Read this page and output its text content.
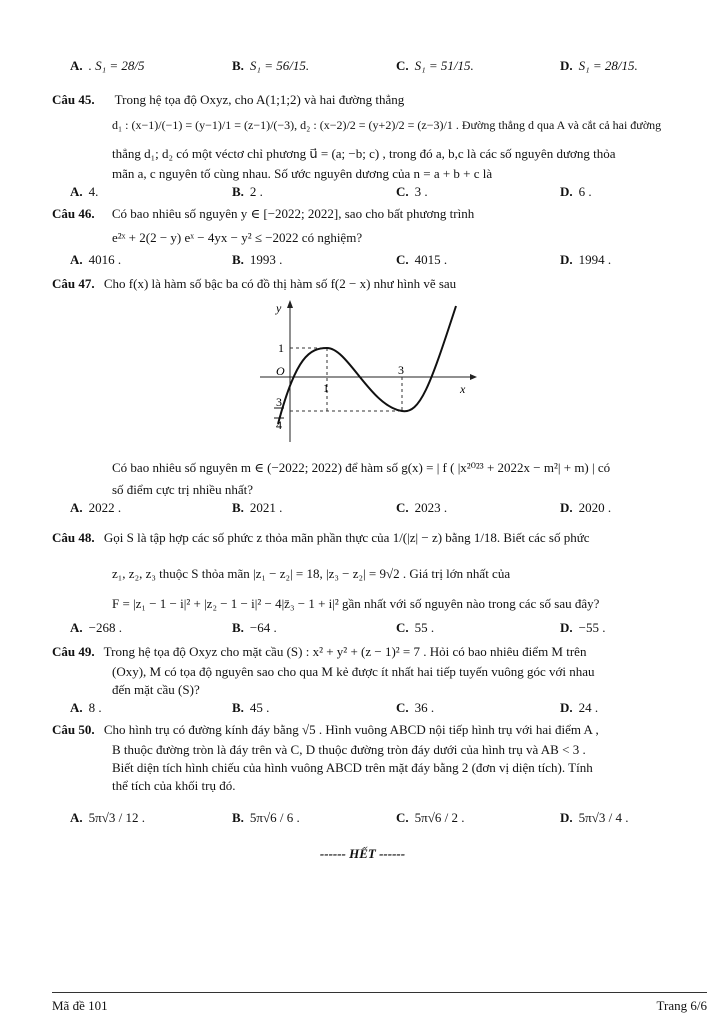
A. . S₁ = 28/5	B. S₁ = 56/15.	C. S₁ = 51/15.	D. S₁ = 28/15.
Câu 45. Trong hệ tọa độ Oxyz, cho A(1;1;2) và hai đường thẳng
d₁ : (x−1)/(−1) = (y−1)/1 = (z−1)/(−3), d₂ : (x−2)/2 = (y+2)/2 = (z−3)/1 . Đường thẳng d qua A và cắt cả hai đường
thẳng d₁; d₂ có một véctơ chỉ phương u⃗ = (a; −b; c) , trong đó a, b,c là các số nguyên dương thỏa
mãn a, c nguyên tố cùng nhau. Số ước nguyên dương của n = a + b + c là
A. 4.	B. 2 .	C. 3 .	D. 6 .
Câu 46. Có bao nhiêu số nguyên y ∈ [−2022; 2022], sao cho bất phương trình
e²ˣ + 2(2 − y) eˣ − 4yx − y² ≤ −2022 có nghiệm?
A. 4016 .	B. 1993 .	C. 4015 .	D. 1994 .
Câu 47. Cho f(x) là hàm số bậc ba có đồ thị hàm số f(2 − x) như hình vẽ sau
y
x
O
1
1
3
3
4
Có bao nhiêu số nguyên m ∈ (−2022; 2022) để hàm số g(x) = | f ( |x²⁰²³ + 2022x − m²| + m) | có
số điểm cực trị nhiều nhất?
A. 2022 .	B. 2021 .	C. 2023 .	D. 2020 .
Câu 48. Gọi S là tập hợp các số phức z thỏa mãn phần thực của 1/(|z| − z) bằng 1/18. Biết các số phức
z₁, z₂, z₃ thuộc S thỏa mãn |z₁ − z₂| = 18, |z₃ − z₂| = 9√2 . Giá trị lớn nhất của
F = |z₁ − 1 − i|² + |z₂ − 1 − i|² − 4|z̄₃ − 1 + i|² gần nhất với số nguyên nào trong các số sau đây?
A. −268 .	B. −64 .	C. 55 .	D. −55 .
Câu 49. Trong hệ tọa độ Oxyz cho mặt cầu (S) : x² + y² + (z − 1)² = 7 . Hỏi có bao nhiêu điểm M trên
(Oxy), M có tọa độ nguyên sao cho qua M kẻ được ít nhất hai tiếp tuyến vuông góc với nhau
đến mặt cầu (S)?
A. 8 .	B. 45 .	C. 36 .	D. 24 .
Câu 50. Cho hình trụ có đường kính đáy bằng √5 . Hình vuông ABCD nội tiếp hình trụ với hai điểm A ,
B thuộc đường tròn là đáy trên và C, D thuộc đường tròn đáy dưới của hình trụ và AB < 3 .
Biết diện tích hình chiếu của hình vuông ABCD trên mặt đáy bằng 2 (đơn vị diện tích). Tính
thể tích của khối trụ đó.
A. 5π√3 / 12 .	B. 5π√6 / 6 .	C. 5π√6 / 2 .	D. 5π√3 / 4 .
------ HẾT ------
Mã đề 101	Trang 6/6
